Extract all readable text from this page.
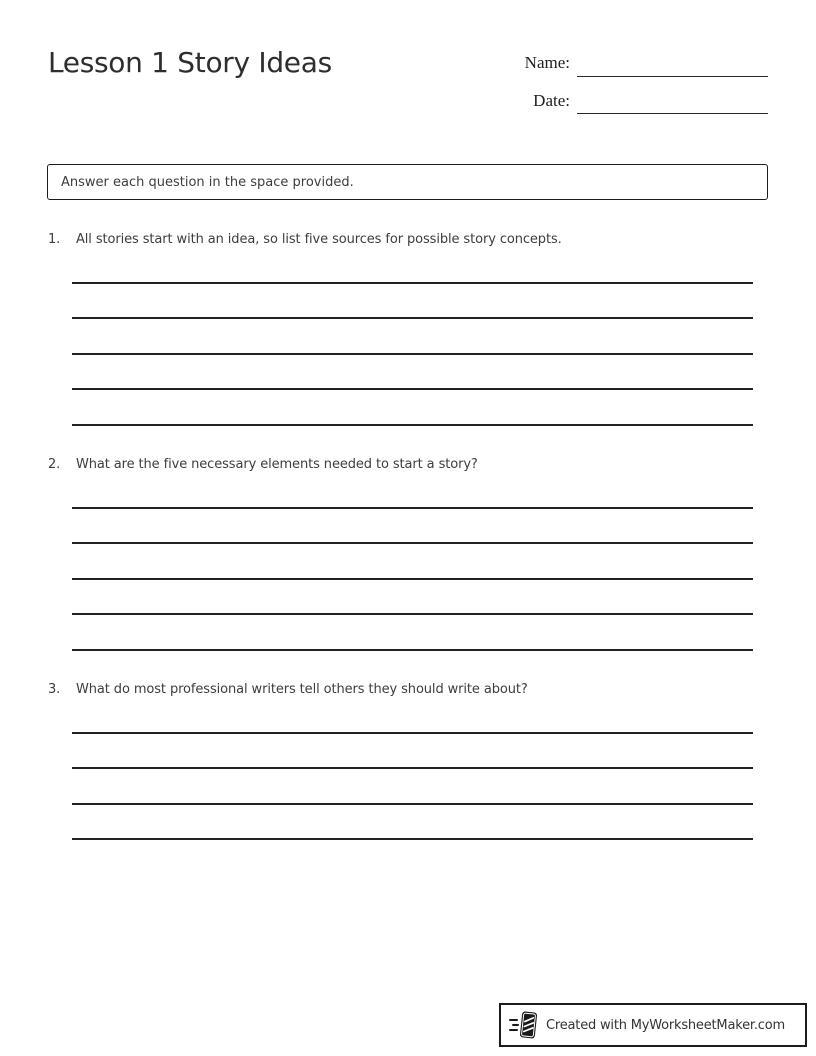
Lesson 1 Story Ideas	Name:
Date:
Answer each question in the space provided.
1.	All stories start with an idea, so list five sources for possible story concepts.
2.	What are the five necessary elements needed to start a story?
3.	What do most professional writers tell others they should write about?
Created with MyWorksheetMaker.com
